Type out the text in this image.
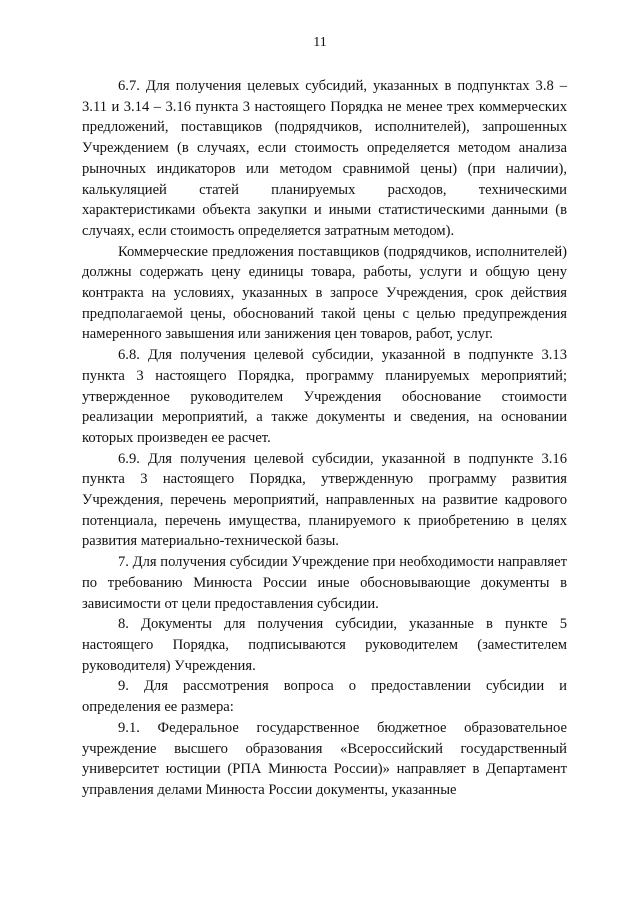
11

6.7. Для получения целевых субсидий, указанных в подпунктах 3.8 – 3.11 и 3.14 – 3.16 пункта 3 настоящего Порядка не менее трех коммерческих предложений, поставщиков (подрядчиков, исполнителей), запрошенных Учреждением (в случаях, если стоимость определяется методом анализа рыночных индикаторов или методом сравнимой цены) (при наличии), калькуляцией статей планируемых расходов, техническими характеристиками объекта закупки и иными статистическими данными (в случаях, если стоимость определяется затратным методом).

Коммерческие предложения поставщиков (подрядчиков, исполнителей) должны содержать цену единицы товара, работы, услуги и общую цену контракта на условиях, указанных в запросе Учреждения, срок действия предполагаемой цены, обоснований такой цены с целью предупреждения намеренного завышения или занижения цен товаров, работ, услуг.

6.8. Для получения целевой субсидии, указанной в подпункте 3.13 пункта 3 настоящего Порядка, программу планируемых мероприятий; утвержденное руководителем Учреждения обоснование стоимости реализации мероприятий, а также документы и сведения, на основании которых произведен ее расчет.

6.9. Для получения целевой субсидии, указанной в подпункте 3.16 пункта 3 настоящего Порядка, утвержденную программу развития Учреждения, перечень мероприятий, направленных на развитие кадрового потенциала, перечень имущества, планируемого к приобретению в целях развития материально-технической базы.

7. Для получения субсидии Учреждение при необходимости направляет по требованию Минюста России иные обосновывающие документы в зависимости от цели предоставления субсидии.

8. Документы для получения субсидии, указанные в пункте 5 настоящего Порядка, подписываются руководителем (заместителем руководителя) Учреждения.

9. Для рассмотрения вопроса о предоставлении субсидии и определения ее размера:

9.1. Федеральное государственное бюджетное образовательное учреждение высшего образования «Всероссийский государственный университет юстиции (РПА Минюста России)» направляет в Департамент управления делами Минюста России документы, указанные
